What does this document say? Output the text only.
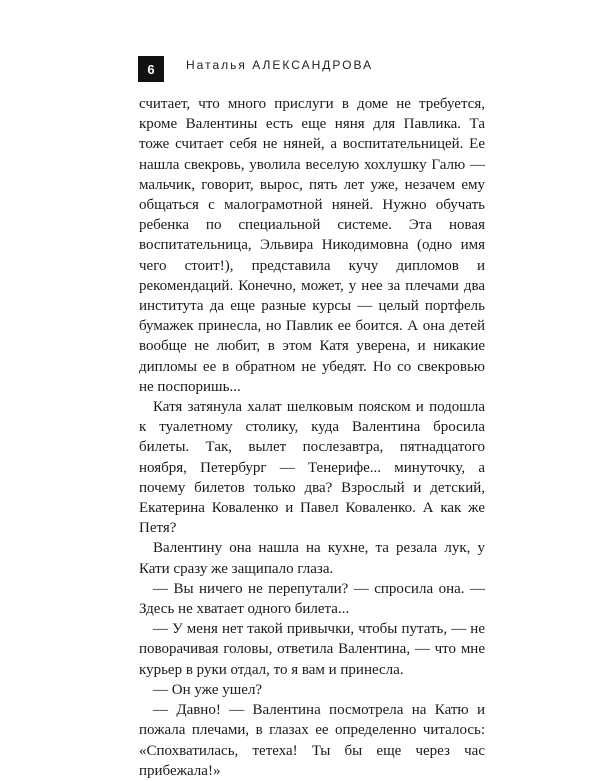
6	Наталья АЛЕКСАНДРОВА

считает, что много прислуги в доме не требуется, кроме Валентины есть еще няня для Павлика. Та тоже считает себя не няней, а воспитательницей. Ее нашла свекровь, уволила веселую хохлушку Галю — мальчик, говорит, вырос, пять лет уже, незачем ему общаться с малограмотной няней. Нужно обучать ребенка по специальной системе. Эта новая воспитательница, Эльвира Никодимовна (одно имя чего стоит!), представила кучу дипломов и рекомендаций. Конечно, может, у нее за плечами два института да еще разные курсы — целый портфель бумажек принесла, но Павлик ее боится. А она детей вообще не любит, в этом Катя уверена, и никакие дипломы ее в обратном не убедят. Но со свекровью не поспоришь...

Катя затянула халат шелковым пояском и подошла к туалетному столику, куда Валентина бросила билеты. Так, вылет послезавтра, пятнадцатого ноября, Петербург — Тенерифе... минуточку, а почему билетов только два? Взрослый и детский, Екатерина Коваленко и Павел Коваленко. А как же Петя?

Валентину она нашла на кухне, та резала лук, у Кати сразу же защипало глаза.

— Вы ничего не перепутали? — спросила она. — Здесь не хватает одного билета...

— У меня нет такой привычки, чтобы путать, — не поворачивая головы, ответила Валентина, — что мне курьер в руки отдал, то я вам и принесла.

— Он уже ушел?

— Давно! — Валентина посмотрела на Катю и пожала плечами, в глазах ее определенно читалось: «Спохватилась, тетеха! Ты бы еще через час прибежала!»
